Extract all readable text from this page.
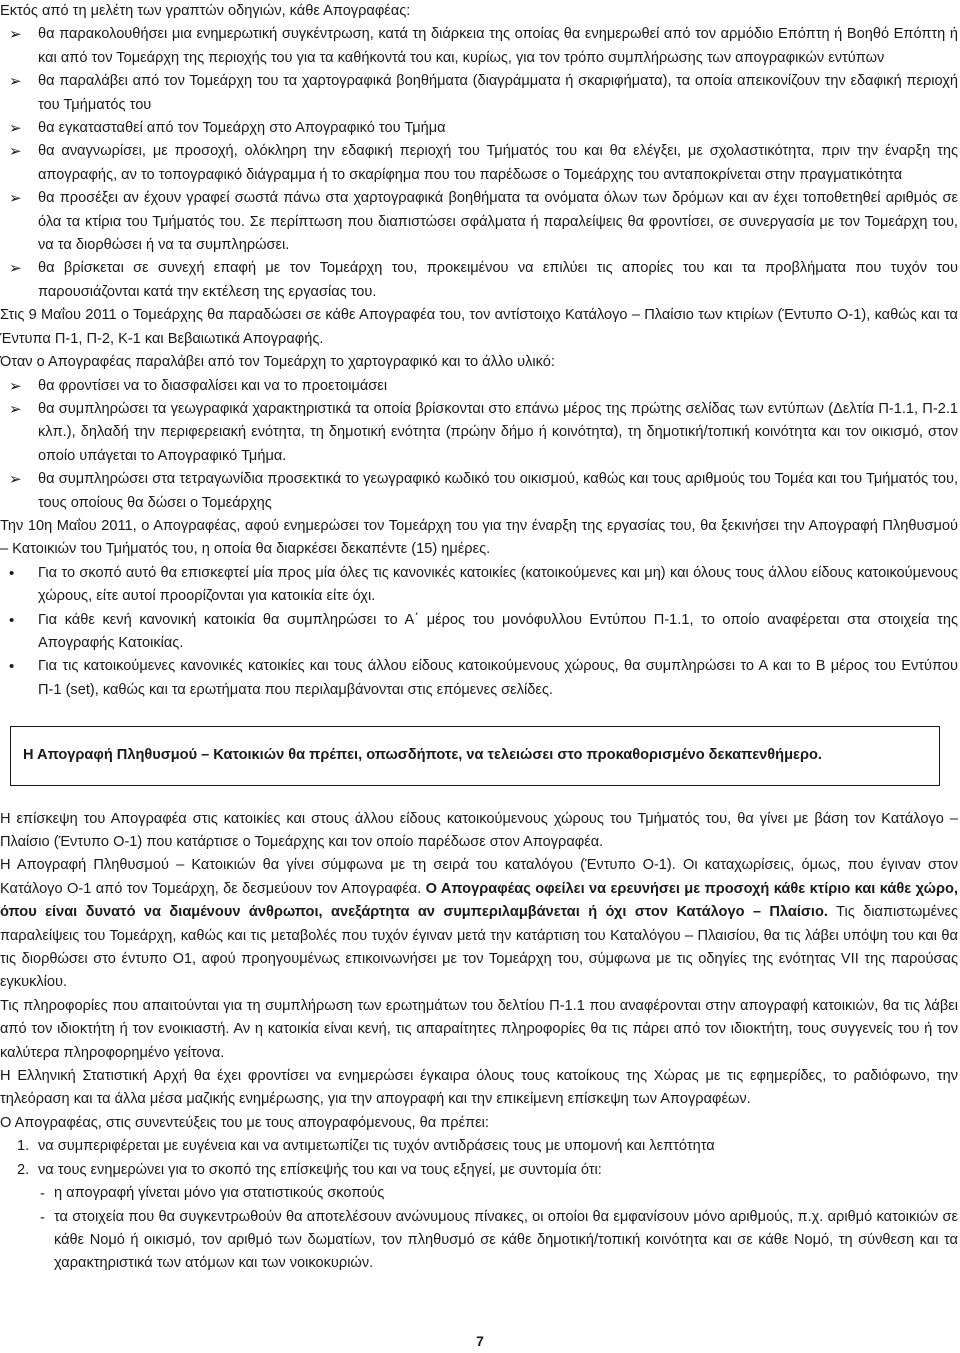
Εκτός από τη μελέτη των γραπτών οδηγιών, κάθε Απογραφέας:

➢ θα παρακολουθήσει μια ενημερωτική συγκέντρωση, κατά τη διάρκεια της οποίας θα ενημερωθεί από τον αρμόδιο Επόπτη ή Βοηθό Επόπτη ή και από τον Τομεάρχη της περιοχής του για τα καθήκοντά του και, κυρίως, για τον τρόπο συμπλήρωσης των απογραφικών εντύπων
➢ θα παραλάβει από τον Τομεάρχη του τα χαρτογραφικά βοηθήματα (διαγράμματα ή σκαριφήματα), τα οποία απεικονίζουν την εδαφική περιοχή του Τμήματός του
➢ θα εγκατασταθεί από τον Τομεάρχη στο Απογραφικό του Τμήμα
➢ θα αναγνωρίσει, με προσοχή, ολόκληρη την εδαφική περιοχή του Τμήματός του και θα ελέγξει, με σχολαστικότητα, πριν την έναρξη της απογραφής, αν το τοπογραφικό διάγραμμα ή το σκαρίφημα που του παρέδωσε ο Τομεάρχης του ανταποκρίνεται στην πραγματικότητα
➢ θα προσέξει αν έχουν γραφεί σωστά πάνω στα χαρτογραφικά βοηθήματα τα ονόματα όλων των δρόμων και αν έχει τοποθετηθεί αριθμός σε όλα τα κτίρια του Τμήματός του. Σε περίπτωση που διαπιστώσει σφάλματα ή παραλείψεις θα φροντίσει, σε συνεργασία με τον Τομεάρχη του, να τα διορθώσει ή να τα συμπληρώσει.
➢ θα βρίσκεται σε συνεχή επαφή με τον Τομεάρχη του, προκειμένου να επιλύει τις απορίες του και τα προβλήματα που τυχόν του παρουσιάζονται κατά την εκτέλεση της εργασίας του.

Στις 9 Μαΐου 2011 ο Τομεάρχης θα παραδώσει σε κάθε Απογραφέα του, τον αντίστοιχο Κατάλογο – Πλαίσιο των κτιρίων (Έντυπο Ο-1), καθώς και τα Έντυπα Π-1, Π-2, Κ-1 και Βεβαιωτικά Απογραφής.

Όταν ο Απογραφέας παραλάβει από τον Τομεάρχη το χαρτογραφικό και το άλλο υλικό:

➢ θα φροντίσει να το διασφαλίσει και να το προετοιμάσει
➢ θα συμπληρώσει τα γεωγραφικά χαρακτηριστικά τα οποία βρίσκονται στο επάνω μέρος της πρώτης σελίδας των εντύπων (Δελτία Π-1.1, Π-2.1 κλπ.), δηλαδή την περιφερειακή ενότητα, τη δημοτική ενότητα (πρώην δήμο ή κοινότητα), τη δημοτική/τοπική κοινότητα και τον οικισμό, στον οποίο υπάγεται το Απογραφικό Τμήμα.
➢ θα συμπληρώσει στα τετραγωνίδια προσεκτικά το γεωγραφικό κωδικό του οικισμού, καθώς και τους αριθμούς του Τομέα και του Τμήματός του, τους οποίους θα δώσει ο Τομεάρχης

Την 10η Μαΐου 2011, ο Απογραφέας, αφού ενημερώσει τον Τομεάρχη του για την έναρξη της εργασίας του, θα ξεκινήσει την Απογραφή Πληθυσμού – Κατοικιών του Τμήματός του, η οποία θα διαρκέσει δεκαπέντε (15) ημέρες.

• Για το σκοπό αυτό θα επισκεφτεί μία προς μία όλες τις κανονικές κατοικίες (κατοικούμενες και μη) και όλους τους άλλου είδους κατοικούμενους χώρους, είτε αυτοί προορίζονται για κατοικία είτε όχι.
• Για κάθε κενή κανονική κατοικία θα συμπληρώσει το Α΄ μέρος του μονόφυλλου Εντύπου Π-1.1, το οποίο αναφέρεται στα στοιχεία της Απογραφής Κατοικίας.
• Για τις κατοικούμενες κανονικές κατοικίες και τους άλλου είδους κατοικούμενους χώρους, θα συμπληρώσει το Α και το Β μέρος του Εντύπου Π-1 (set), καθώς και τα ερωτήματα που περιλαμβάνονται στις επόμενες σελίδες.
Η Απογραφή Πληθυσμού – Κατοικιών θα πρέπει, οπωσδήποτε, να τελειώσει στο προκαθορισμένο δεκαπενθήμερο.

Η επίσκεψη του Απογραφέα στις κατοικίες και στους άλλου είδους κατοικούμενους χώρους του Τμήματός του, θα γίνει με βάση τον Κατάλογο – Πλαίσιο (Έντυπο Ο-1) που κατάρτισε ο Τομεάρχης και τον οποίο παρέδωσε στον Απογραφέα.

Η Απογραφή Πληθυσμού – Κατοικιών θα γίνει σύμφωνα με τη σειρά του καταλόγου (Έντυπο Ο-1). Οι καταχωρίσεις, όμως, που έγιναν στον Κατάλογο Ο-1 από τον Τομεάρχη, δε δεσμεύουν τον Απογραφέα. Ο Απογραφέας οφείλει να ερευνήσει με προσοχή κάθε κτίριο και κάθε χώρο, όπου είναι δυνατό να διαμένουν άνθρωποι, ανεξάρτητα αν συμπεριλαμβάνεται ή όχι στον Κατάλογο – Πλαίσιο. Τις διαπιστωμένες παραλείψεις του Τομεάρχη, καθώς και τις μεταβολές που τυχόν έγιναν μετά την κατάρτιση του Καταλόγου – Πλαισίου, θα τις λάβει υπόψη του και θα τις διορθώσει στο έντυπο Ο1, αφού προηγουμένως επικοινωνήσει με τον Τομεάρχη του, σύμφωνα με τις οδηγίες της ενότητας VII της παρούσας εγκυκλίου.

Τις πληροφορίες που απαιτούνται για τη συμπλήρωση των ερωτημάτων του δελτίου Π-1.1 που αναφέρονται στην απογραφή κατοικιών, θα τις λάβει από τον ιδιοκτήτη ή τον ενοικιαστή. Αν η κατοικία είναι κενή, τις απαραίτητες πληροφορίες θα τις πάρει από τον ιδιοκτήτη, τους συγγενείς του ή τον καλύτερα πληροφορημένο γείτονα.

Η Ελληνική Στατιστική Αρχή θα έχει φροντίσει να ενημερώσει έγκαιρα όλους τους κατοίκους της Χώρας με τις εφημερίδες, το ραδιόφωνο, την τηλεόραση και τα άλλα μέσα μαζικής ενημέρωσης, για την απογραφή και την επικείμενη επίσκεψη των Απογραφέων.

Ο Απογραφέας, στις συνεντεύξεις του με τους απογραφόμενους, θα πρέπει:

1. να συμπεριφέρεται με ευγένεια και να αντιμετωπίζει τις τυχόν αντιδράσεις τους με υπομονή και λεπτότητα
2. να τους ενημερώνει για το σκοπό της επίσκεψής του και να τους εξηγεί, με συντομία ότι:
- η απογραφή γίνεται μόνο για στατιστικούς σκοπούς
- τα στοιχεία που θα συγκεντρωθούν θα αποτελέσουν ανώνυμους πίνακες, οι οποίοι θα εμφανίσουν μόνο αριθμούς, π.χ. αριθμό κατοικιών σε κάθε Νομό ή οικισμό, τον αριθμό των δωματίων, τον πληθυσμό σε κάθε δημοτική/τοπική κοινότητα και σε κάθε Νομό, τη σύνθεση και τα χαρακτηριστικά των ατόμων και των νοικοκυριών.
7
